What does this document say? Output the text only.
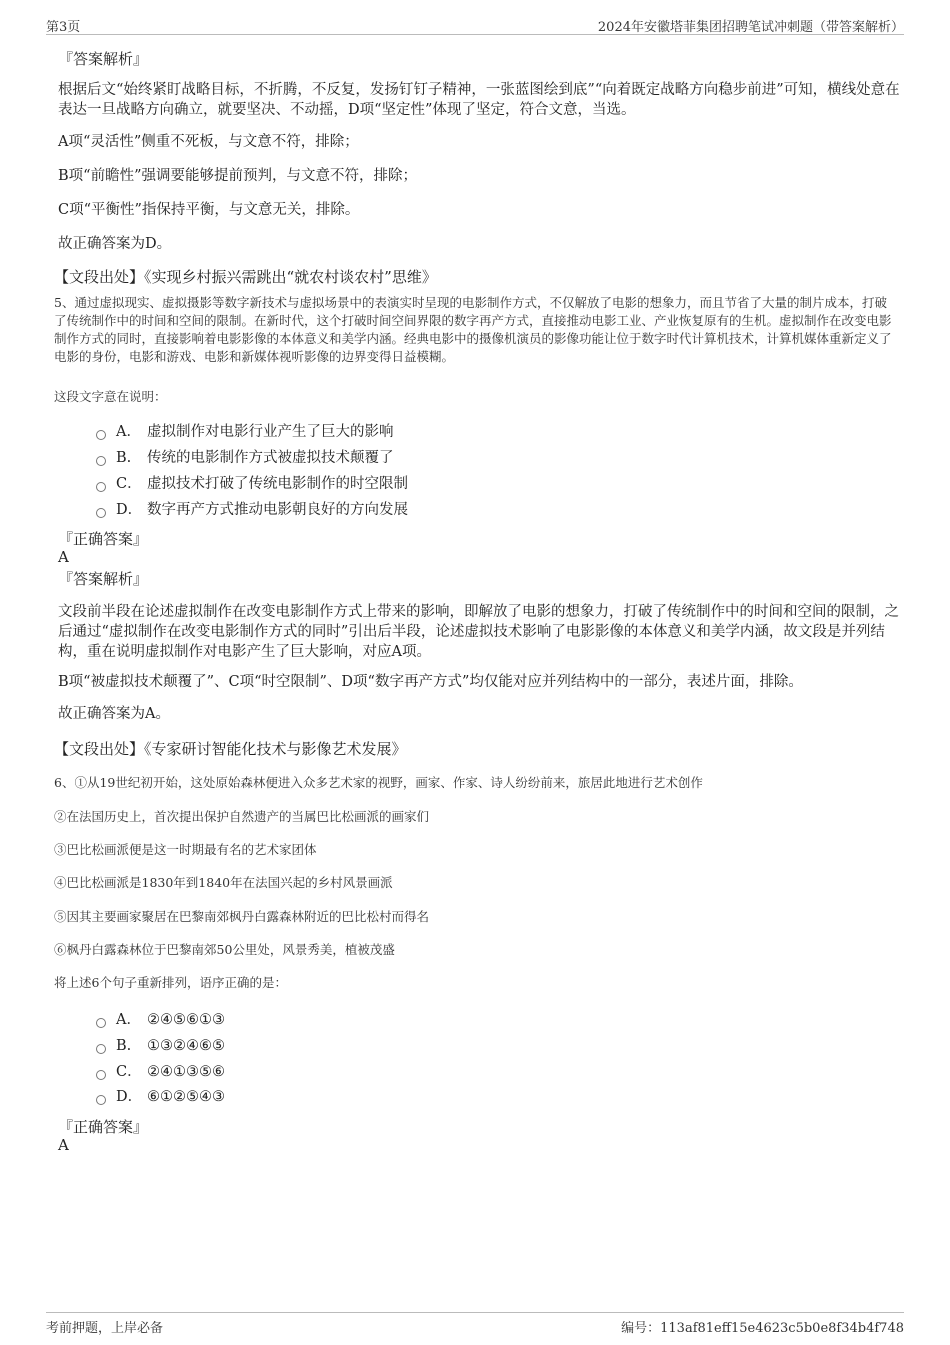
第3页	2024年安徽塔菲集团招聘笔试冲刺题（带答案解析）
『答案解析』
根据后文“始终紧盯战略目标，不折腾，不反复，发扬钉钉子精神，一张蓝图绘到底”“向着既定战略方向稳步前进”可知，横线处意在表达一旦战略方向确立，就要坚决、不动摇，D项“坚定性”体现了坚定，符合文意，当选。
A项“灵活性”侧重不死板，与文意不符，排除；
B项“前瞻性”强调要能够提前预判，与文意不符，排除；
C项“平衡性”指保持平衡，与文意无关，排除。
故正确答案为D。
【文段出处】《实现乡村振兴需跳出“就农村谈农村”思维》
5、通过虚拟现实、虚拟摄影等数字新技术与虚拟场景中的表演实时呈现的电影制作方式，不仅解放了电影的想象力，而且节省了大量的制片成本，打破了传统制作中的时间和空间的限制。在新时代，这个打破时间空间界限的数字再产方式，直接推动电影工业、产业恢复原有的生机。虚拟制作在改变电影制作方式的同时，直接影响着电影影像的本体意义和美学内涵。经典电影中的摄像机演员的影像功能让位于数字时代计算机技术，计算机媒体重新定义了电影的身份，电影和游戏、电影和新媒体视听影像的边界变得日益模糊。
这段文字意在说明：
A． 虚拟制作对电影行业产生了巨大的影响
B.	传统的电影制作方式被虚拟技术颠覆了
C． 虚拟技术打破了传统电影制作的时空限制
D． 数字再产方式推动电影朝良好的方向发展
『正确答案』
A
『答案解析』
文段前半段在论述虚拟制作在改变电影制作方式上带来的影响，即解放了电影的想象力，打破了传统制作中的时间和空间的限制，之后通过“虚拟制作在改变电影制作方式的同时”引出后半段，论述虚拟技术影响了电影影像的本体意义和美学内涵，故文段是并列结构，重在说明虚拟制作对电影产生了巨大影响，对应A项。
B项“被虚拟技术颠覆了”、C项“时空限制”、D项“数字再产方式”均仅能对应并列结构中的一部分，表述片面，排除。
故正确答案为A。
【文段出处】《专家研讨智能化技术与影像艺术发展》
6、①从19世纪初开始，这处原始森林便进入众多艺术家的视野，画家、作家、诗人纷纷前来，旅居此地进行艺术创作
②在法国历史上，首次提出保护自然遗产的当属巴比松画派的画家们
③巴比松画派便是这一时期最有名的艺术家团体
④巴比松画派是1830年到1840年在法国兴起的乡村风景画派
⑤因其主要画家聚居在巴黎南郊枫丹白露森林附近的巴比松村而得名
⑥枫丹白露森林位于巴黎南郊50公里处，风景秀美，植被茂盛
将上述6个句子重新排列，语序正确的是：
A． ②④⑤⑥①③
B.	①③②④⑥⑤
C． ②④①③⑤⑥
D． ⑥①②⑤④③
『正确答案』
A
考前押题，上岸必备	编号：113af81eff15e4623c5b0e8f34b4f748
